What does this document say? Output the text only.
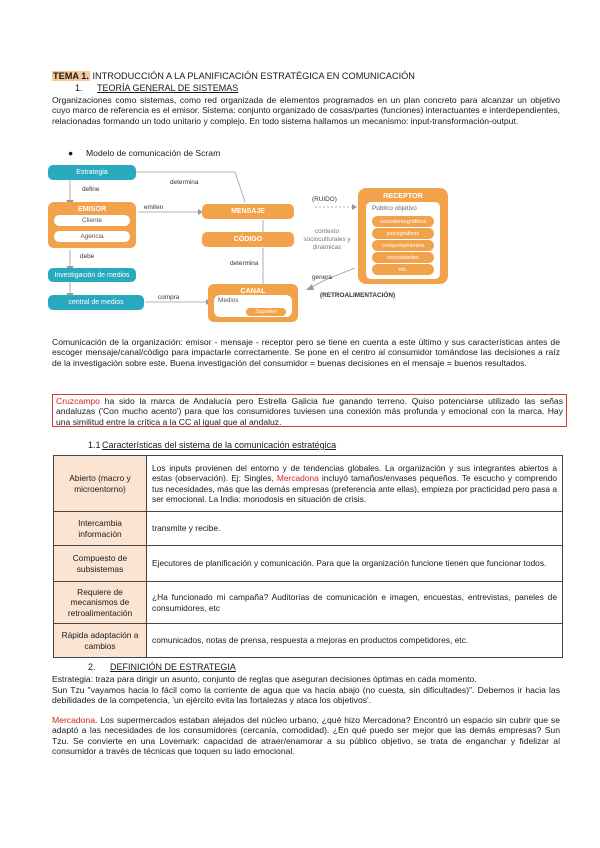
TEMA 1. INTRODUCCIÓN A LA PLANIFICACIÓN ESTRATÉGICA EN COMUNICACIÓN
1. TEORÍA GENERAL DE SISTEMAS
Organizaciones como sistemas, como red organizada de elementos programados en un plan concreto para alcanzar un objetivo cuyo marco de referencia es el emisor. Sistema: conjunto organizado de cosas/partes (funciones) interactuantes e interdependientes, relacionadas formando un todo unitario y complejo. En todo sistema hallamos un mecanismo: input-transformación-output.
● Modelo de comunicación de Scram
Estrategia
define
determina
EMISOR
Cliente
Agencia
emiten
MENSAJE
CÓDIGO
(RUIDO)
contexto socioculturales y dinámicas
determina
debe
Investigación de medios
central de medios
compra
CANAL
Medios
Soportes
RECEPTOR
Público objetivo
sociodemográficos
psicográficos
comportamientos
necesidades
etc.
genera
(RETROALIMENTACIÓN)
Comunicación de la organización: emisor - mensaje - receptor pero se tiene en cuenta a este último y sus características antes de escoger mensaje/canal/código para impactarle correctamente. Se pone en el centro al consumidor tomándose las decisiones a raíz de la investigación sobre este. Buena investigación del consumidor = buenas decisiones en el mensaje = buenos resultados.
Cruzcampo ha sido la marca de Andalucía pero Estrella Galicia fue ganando terreno. Quiso potenciarse utilizado las señas andaluzas ('Con mucho acento') para que los consumidores tuviesen una conexión más profunda y emocional con la marca. Hay una similitud entre la crítica a la CC al igual que al andaluz.
1.1Características del sistema de la comunicación estratégica
Abierto (macro y microentorno)	Los inputs provienen del entorno y de tendencias globales. La organización y sus integrantes abiertos a estas (observación). Ej: Singles, Mercadona incluyó tamaños/envases pequeños. Te escucho y comprendo tus necesidades, más que las demás empresas (preferencia ante ellas), empieza por practicidad pero pasa a ser emocional. La India: monodosis en situación de crisis.
Intercambia información	transmite y recibe.
Compuesto de subsistemas	Ejecutores de planificación y comunicación. Para que la organización funcione tienen que funcionar todos.
Requiere de mecanismos de retroalimentación	¿Ha funcionado mi campaña? Auditorías de comunicación e imagen, encuestas, entrevistas, paneles de consumidores, etc
Rápida adaptación a cambios	comunicados, notas de prensa, respuesta a mejoras en productos competidores, etc.
2. DEFINICIÓN DE ESTRATEGIA
Estrategia: traza para dirigir un asunto, conjunto de reglas que aseguran decisiones óptimas en cada momento.
Sun Tzu "vayamos hacia lo fácil como la corriente de agua que va hacia abajo (no cuesta, sin dificultades)". Debemos ir hacia las debilidades de la competencia, 'un ejército evita las fortalezas y ataca los objetivos'.
Mercadona. Los supermercados estaban alejados del núcleo urbano, ¿qué hizo Mercadona? Encontró un espacio sin cubrir que se adaptó a las necesidades de los consumidores (cercanía, comodidad). ¿En qué puedo ser mejor que las demás empresas? Sun Tzu. Se convierte en una Lovemark: capacidad de atraer/enamorar a su público objetivo, se trata de enganchar y fidelizar al consumidor a través de técnicas que toquen su lado emocional.
